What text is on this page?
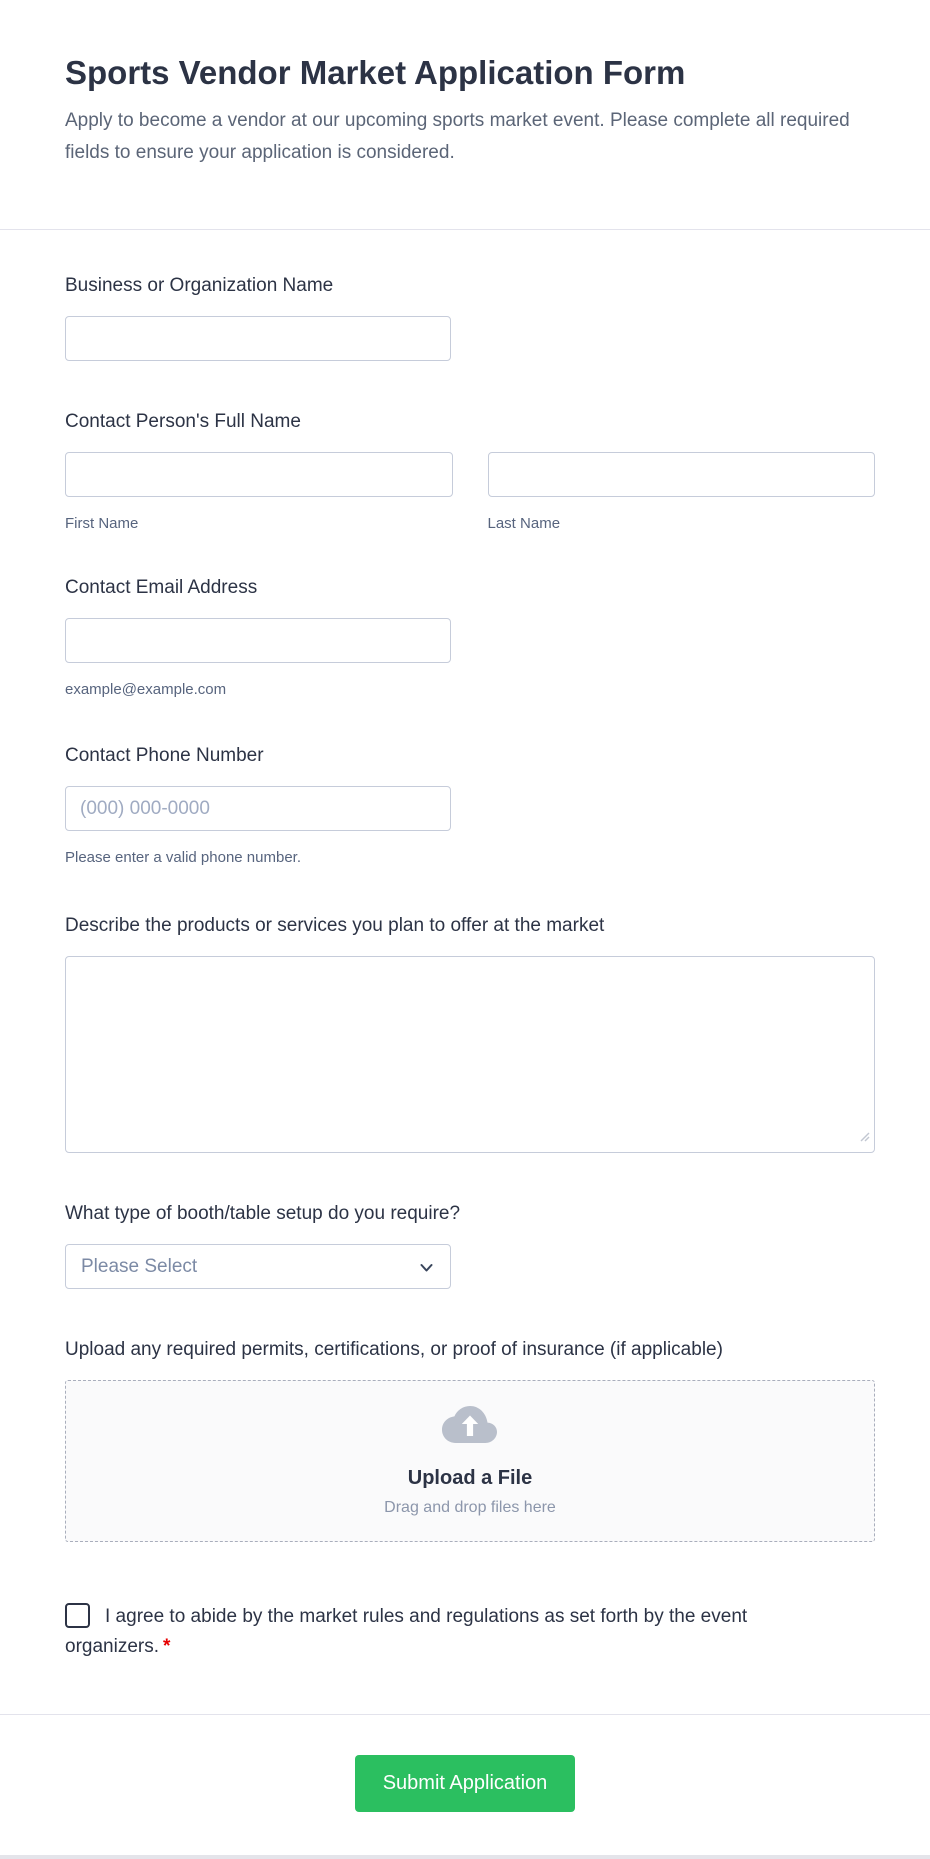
Sports Vendor Market Application Form
Apply to become a vendor at our upcoming sports market event. Please complete all required fields to ensure your application is considered.
Business or Organization Name
Contact Person's Full Name
First Name	Last Name
Contact Email Address
example@example.com
Contact Phone Number
(000) 000-0000
Please enter a valid phone number.
Describe the products or services you plan to offer at the market
What type of booth/table setup do you require?
Please Select
Upload any required permits, certifications, or proof of insurance (if applicable)
Upload a File
Drag and drop files here
I agree to abide by the market rules and regulations as set forth by the event organizers. *
Submit Application
